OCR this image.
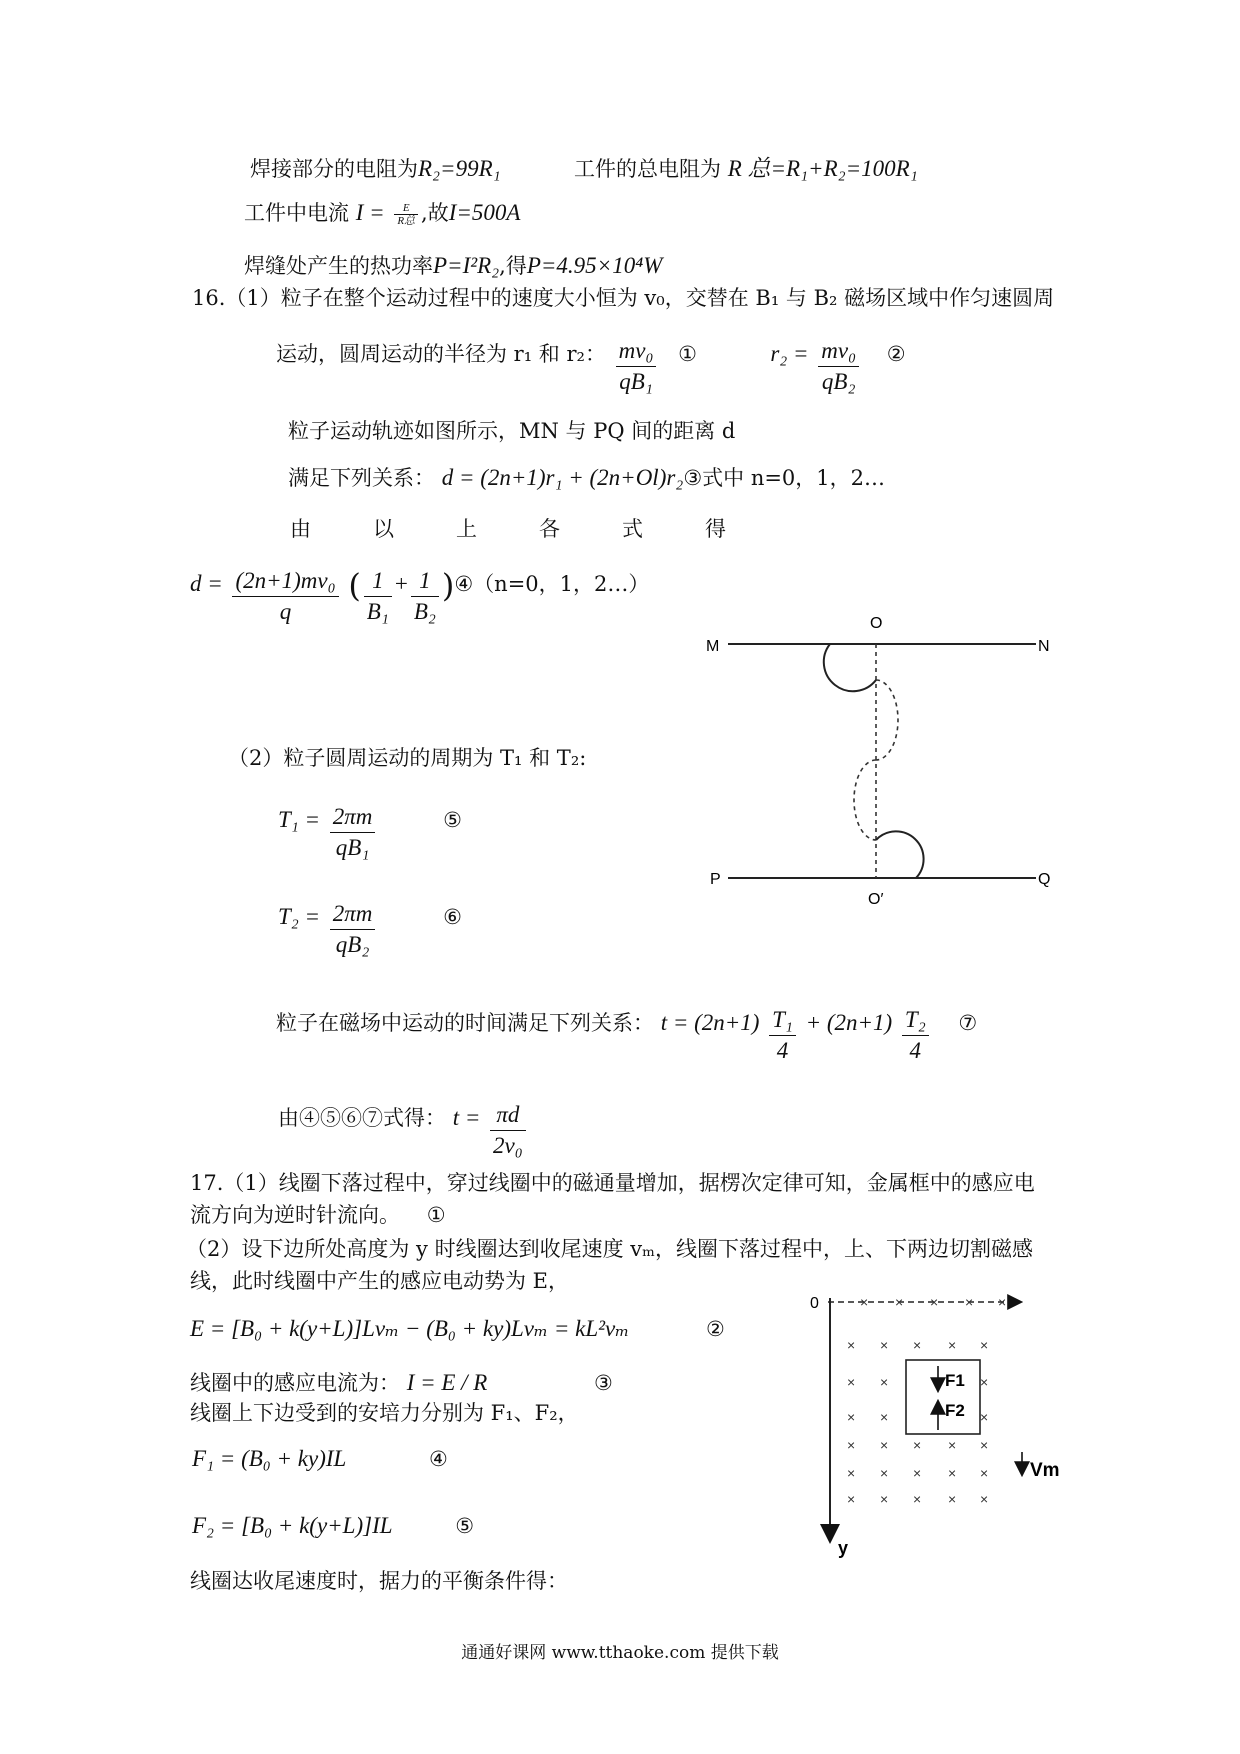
焊接部分的电阻为R₂=99R₁	工件的总电阻为 R 总=R₁+R₂=100R₁
工件中电流 $I = \frac{E}{\text{R总}}$ ,故I=500A
焊缝处产生的热功率P=I²R₂,得P=4.95×10⁴W
16.（1）粒子在整个运动过程中的速度大小恒为 v₀，交替在 B₁ 与 B₂ 磁场区域中作匀速圆周
运动，圆周运动的半径为 r₁ 和 r₂： $\frac{\text{mv₀}}{\text{qB₁}}$ ①	$r_2 = \frac{\text{mv₀}}{\text{qB₂}}$ ②
粒子运动轨迹如图所示，MN 与 PQ 间的距离 d
满足下列关系： d = (2n+1)r₁ + (2n+Ol)r₂③式中 n=0，1，2…
由	以	上	各	式	得
$d = \frac{\text{(2n+1)mv₀}}{q}$ ( $\frac{1}{\text{B₁}} + \frac{1}{\text{B₂}}$ )④（n=0，1，2…）
M	N
O
P	Q
O′
（2）粒子圆周运动的周期为 T₁ 和 T₂:
$T_1 = \frac{2\pi m}{\text{qB₁}}$	⑤
$T_2 = \frac{2\pi m}{\text{qB₂}}$	⑥
粒子在磁场中运动的时间满足下列关系： $t = (2n+1) \frac{\text{T₁}}{4} + (2n+1) \frac{\text{T₂}}{4}$ ⑦
由④⑤⑥⑦式得： $t = \frac{\pi d}{\text{2v₀}}$
17.（1）线圈下落过程中，穿过线圈中的磁通量增加，据楞次定律可知，金属框中的感应电
流方向为逆时针流向。 ①
（2）设下边所处高度为 y 时线圈达到收尾速度 vₘ，线圈下落过程中，上、下两边切割磁感
线，此时线圈中产生的感应电动势为 E，
E = [B₀ + k(y+L)]Lvₘ − (B₀ + ky)Lvₘ = kL²vₘ	②
线圈中的感应电流为： I = E / R	③
线圈上下边受到的安培力分别为 F₁、F₂，
F₁ = (B₀ + ky)IL	④
F₂ = [B₀ + k(y+L)]IL	⑤
线圈达收尾速度时，据力的平衡条件得：
0
y
× × × × ×
× × × × ×
× ×	×
× ×	×
× × × × ×
× × × × ×
× × × × ×
F1
F2
Vm
通通好课网 www.tthaoke.com 提供下载
